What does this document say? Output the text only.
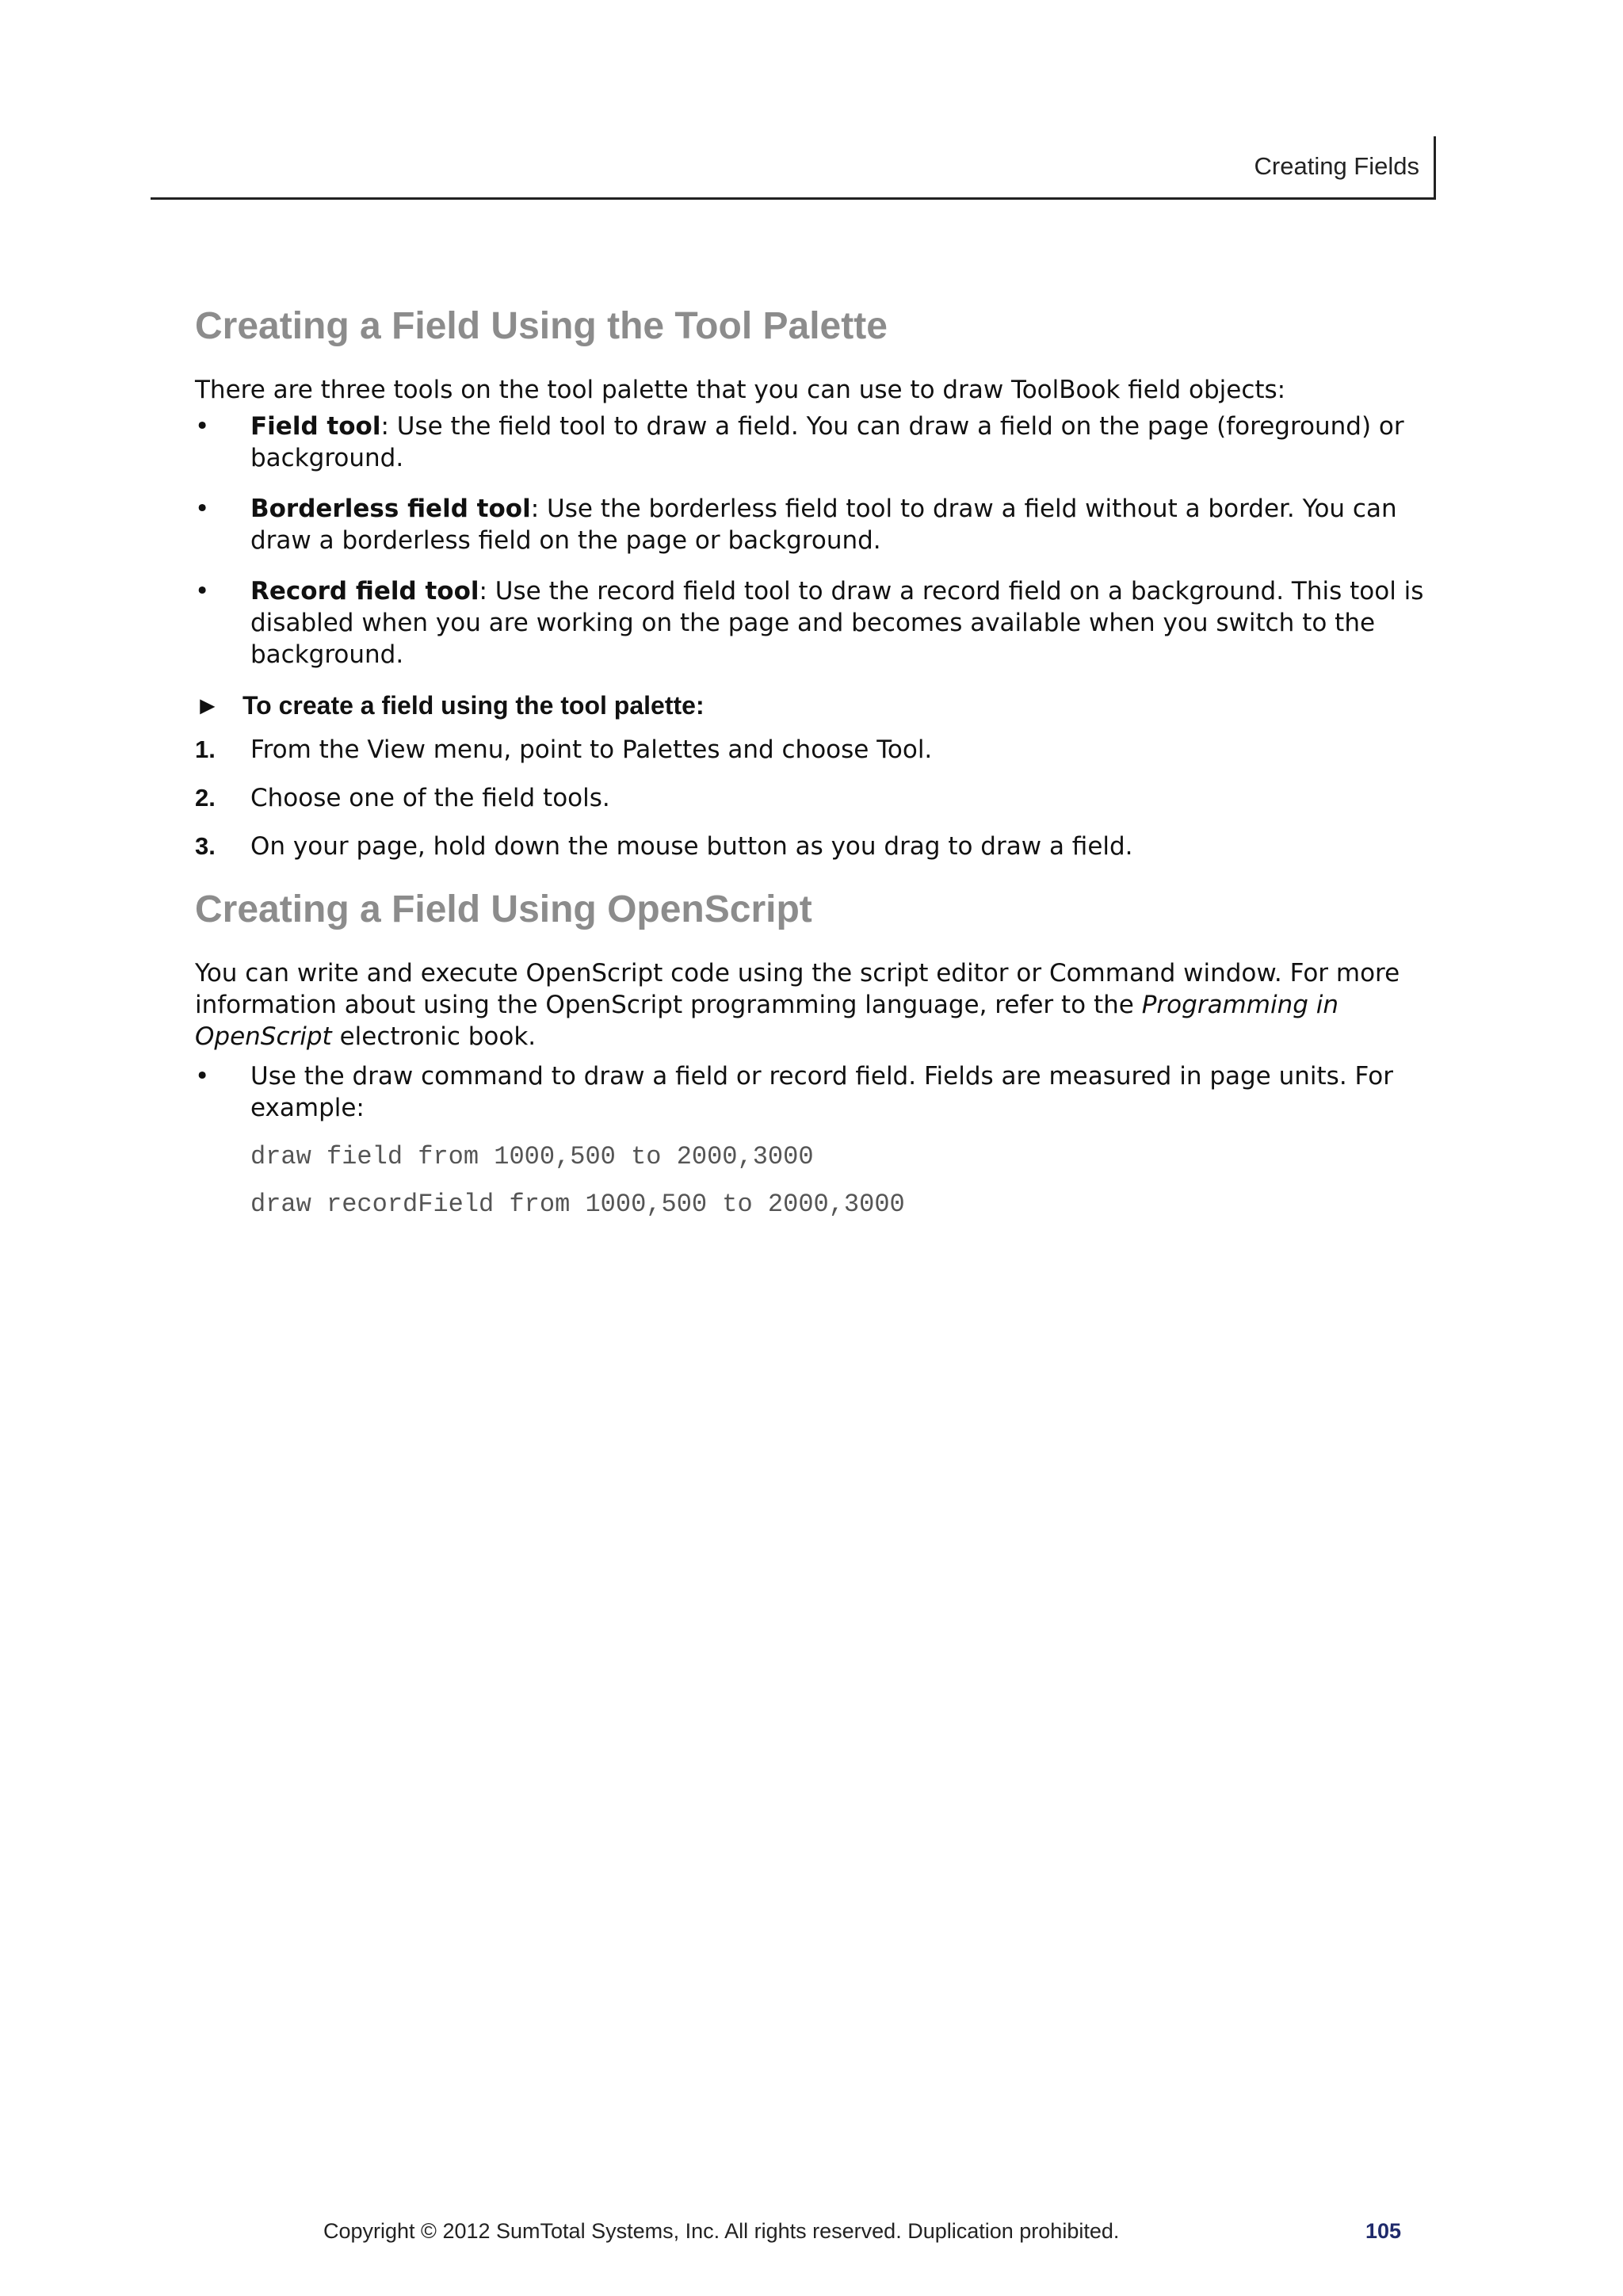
Creating Fields
Creating a Field Using the Tool Palette

There are three tools on the tool palette that you can use to draw ToolBook field objects:

• Field tool: Use the field tool to draw a field. You can draw a field on the page (foreground) or background.
• Borderless field tool: Use the borderless field tool to draw a field without a border. You can draw a borderless field on the page or background.
• Record field tool: Use the record field tool to draw a record field on a background. This tool is disabled when you are working on the page and becomes available when you switch to the background.
► To create a field using the tool palette:
1. From the View menu, point to Palettes and choose Tool.
2. Choose one of the field tools.
3. On your page, hold down the mouse button as you drag to draw a field.
Creating a Field Using OpenScript

You can write and execute OpenScript code using the script editor or Command window. For more information about using the OpenScript programming language, refer to the Programming in OpenScript electronic book.

• Use the draw command to draw a field or record field. Fields are measured in page units. For example:
draw field from 1000,500 to 2000,3000
draw recordField from 1000,500 to 2000,3000
Copyright © 2012 SumTotal Systems, Inc. All rights reserved. Duplication prohibited.	105
